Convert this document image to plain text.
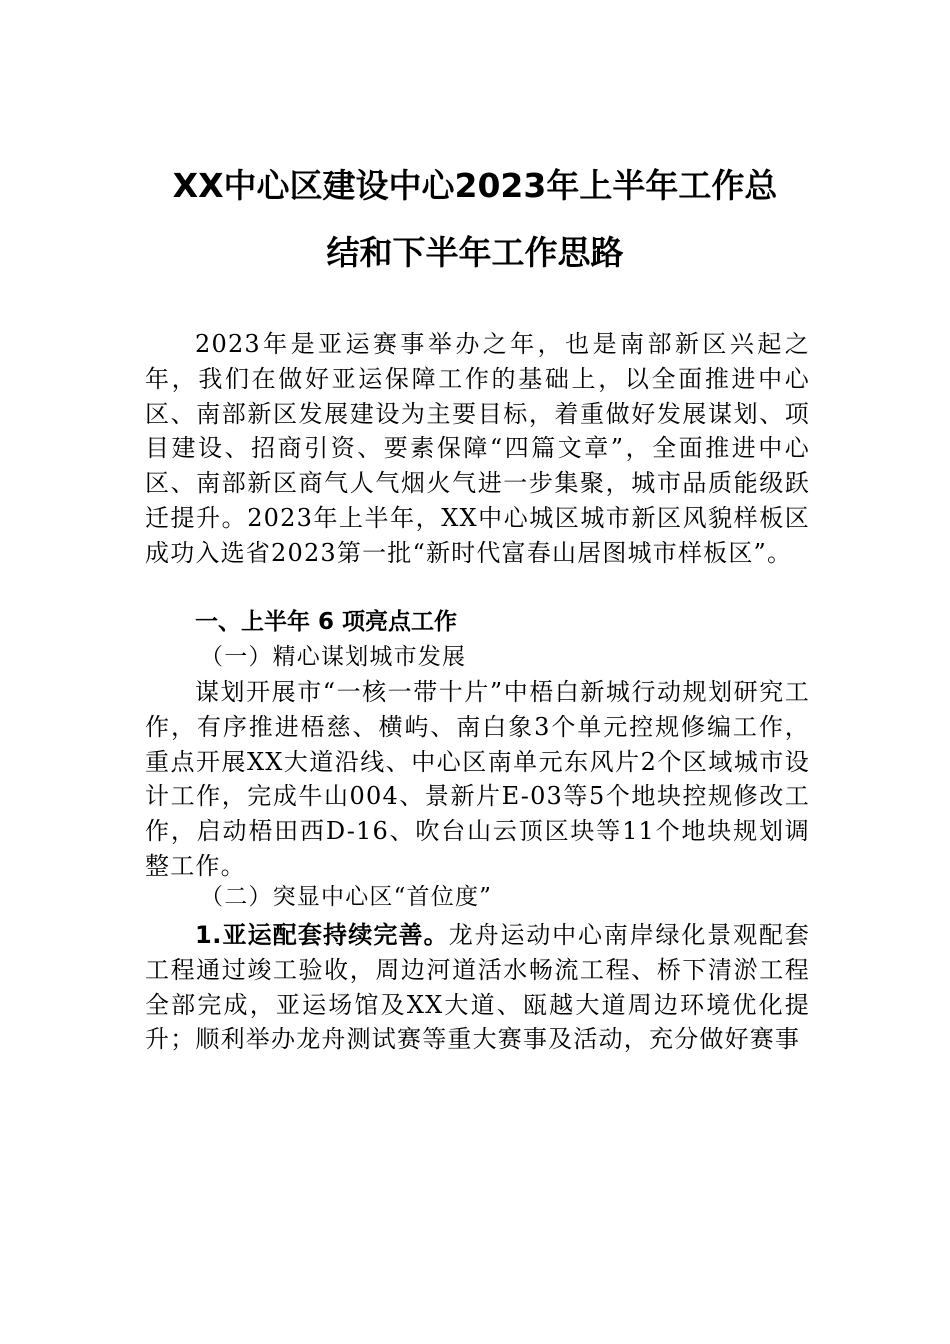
XX中心区建设中心2023年上半年工作总
结和下半年工作思路

2023年是亚运赛事举办之年，也是南部新区兴起之年，我们在做好亚运保障工作的基础上，以全面推进中心区、南部新区发展建设为主要目标，着重做好发展谋划、项目建设、招商引资、要素保障“四篇文章”，全面推进中心区、南部新区商气人气烟火气进一步集聚，城市品质能级跃迁提升。2023年上半年，XX中心城区城市新区风貌样板区成功入选省2023第一批“新时代富春山居图城市样板区”。

一、上半年 6 项亮点工作
（一）精心谋划城市发展

谋划开展市“一核一带十片”中梧白新城行动规划研究工作，有序推进梧慈、横屿、南白象3个单元控规修编工作，重点开展XX大道沿线、中心区南单元东风片2个区域城市设计工作，完成牛山004、景新片E-03等5个地块控规修改工作，启动梧田西D-16、吹台山云顶区块等11个地块规划调整工作。

（二）突显中心区“首位度”

1.亚运配套持续完善。龙舟运动中心南岸绿化景观配套工程通过竣工验收，周边河道活水畅流工程、桥下清淤工程全部完成，亚运场馆及XX大道、瓯越大道周边环境优化提升；顺利举办龙舟测试赛等重大赛事及活动，充分做好赛事
